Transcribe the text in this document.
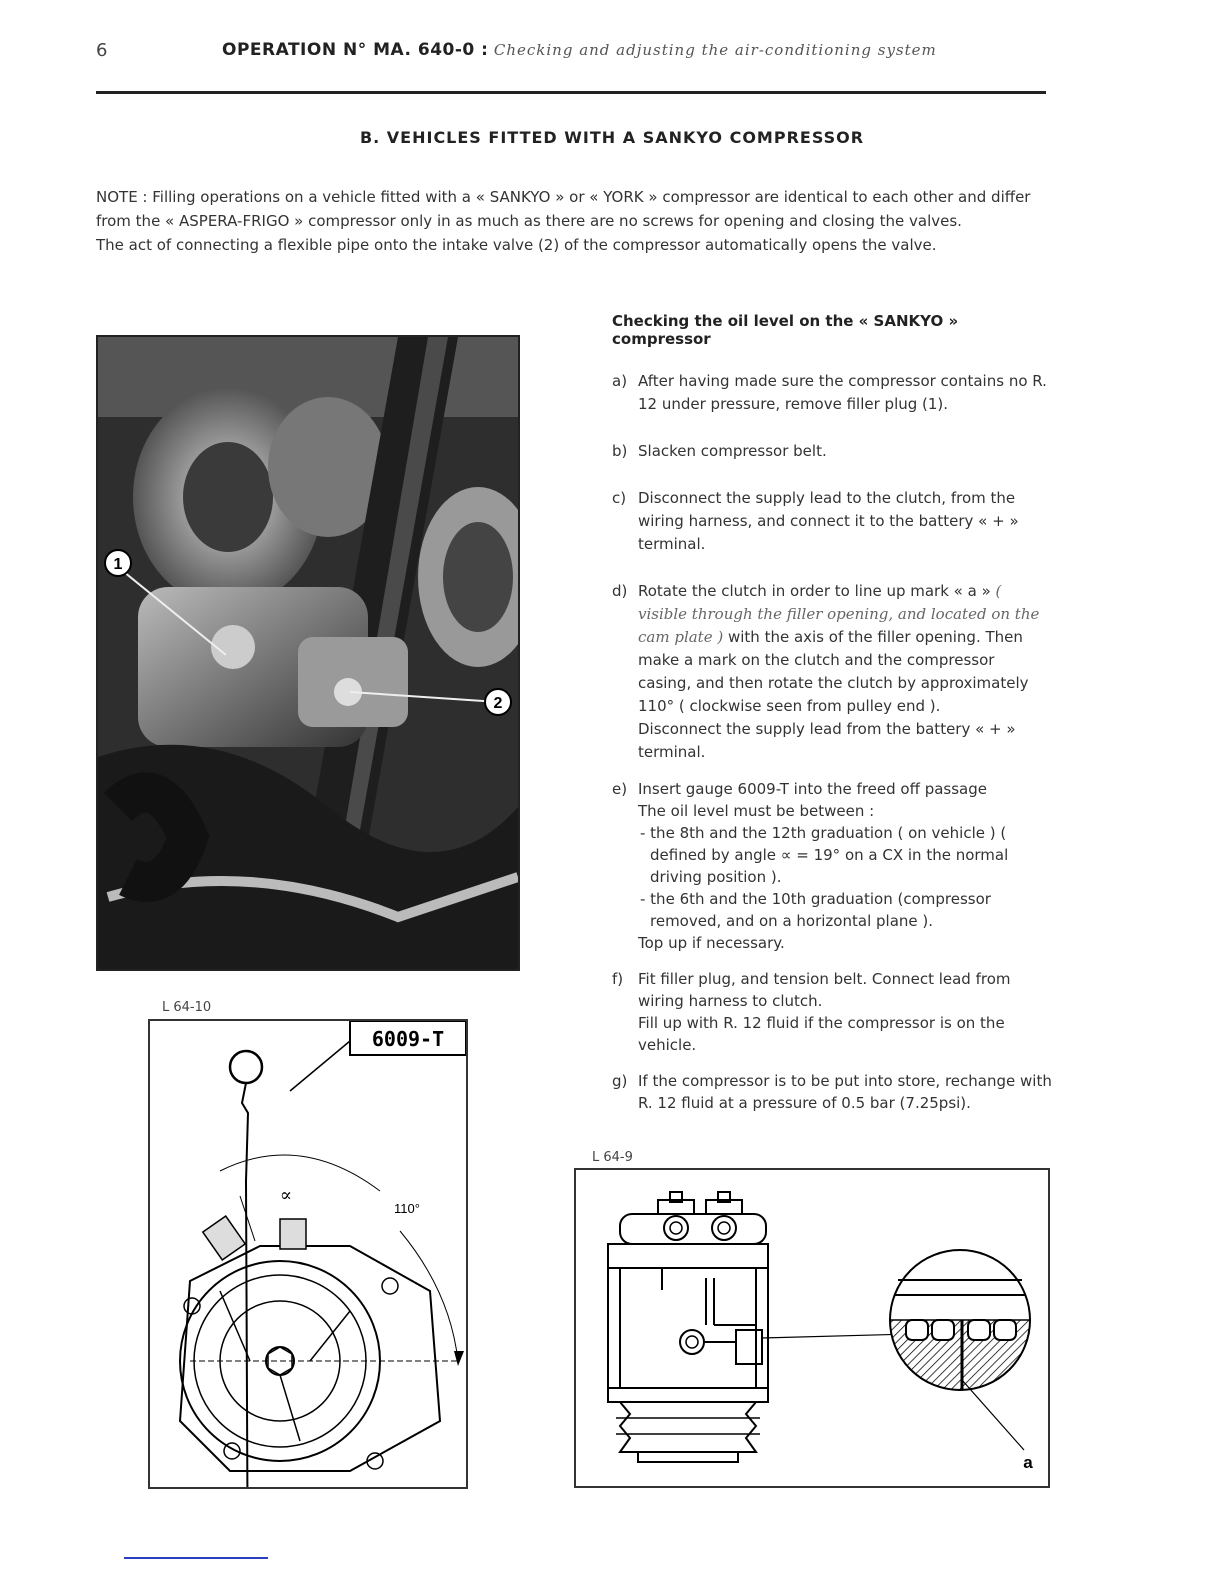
6	OPERATION N° MA. 640-0 : Checking and adjusting the air-conditioning system
B. VEHICLES FITTED WITH A SANKYO COMPRESSOR

NOTE : Filling operations on a vehicle fitted with a « SANKYO » or « YORK » compressor are identical to each other and differ from the « ASPERA-FRIGO » compressor only in as much as there are no screws for opening and closing the valves.

The act of connecting a flexible pipe onto the intake valve (2) of the compressor automatically opens the valve.

1
2
L 64-10
6009-T
∝
110°
Checking the oil level on the « SANKYO » compressor
a) After having made sure the compressor contains no R. 12 under pressure, remove filler plug (1).

b) Slacken compressor belt.

c) Disconnect the supply lead to the clutch, from the wiring harness, and connect it to the battery « + » terminal.

d) Rotate the clutch in order to line up mark « a » ( visible through the filler opening, and located on the cam plate ) with the axis of the filler opening. Then make a mark on the clutch and the compressor casing, and then rotate the clutch by approximately 110° ( clockwise seen from pulley end ).

Disconnect the supply lead from the battery « + » terminal.

e) Insert gauge 6009-T into the freed off passage

The oil level must be between :

- the 8th and the 12th graduation ( on vehicle ) ( defined by angle ∝ = 19° on a CX in the normal driving position ).

- the 6th and the 10th graduation (compressor removed, and on a horizontal plane ).

Top up if necessary.

f) Fit filler plug, and tension belt. Connect lead from wiring harness to clutch.

Fill up with R. 12 fluid if the compressor is on the vehicle.

g) If the compressor is to be put into store, rechange with R. 12 fluid at a pressure of 0.5 bar (7.25psi).

L 64-9
a
